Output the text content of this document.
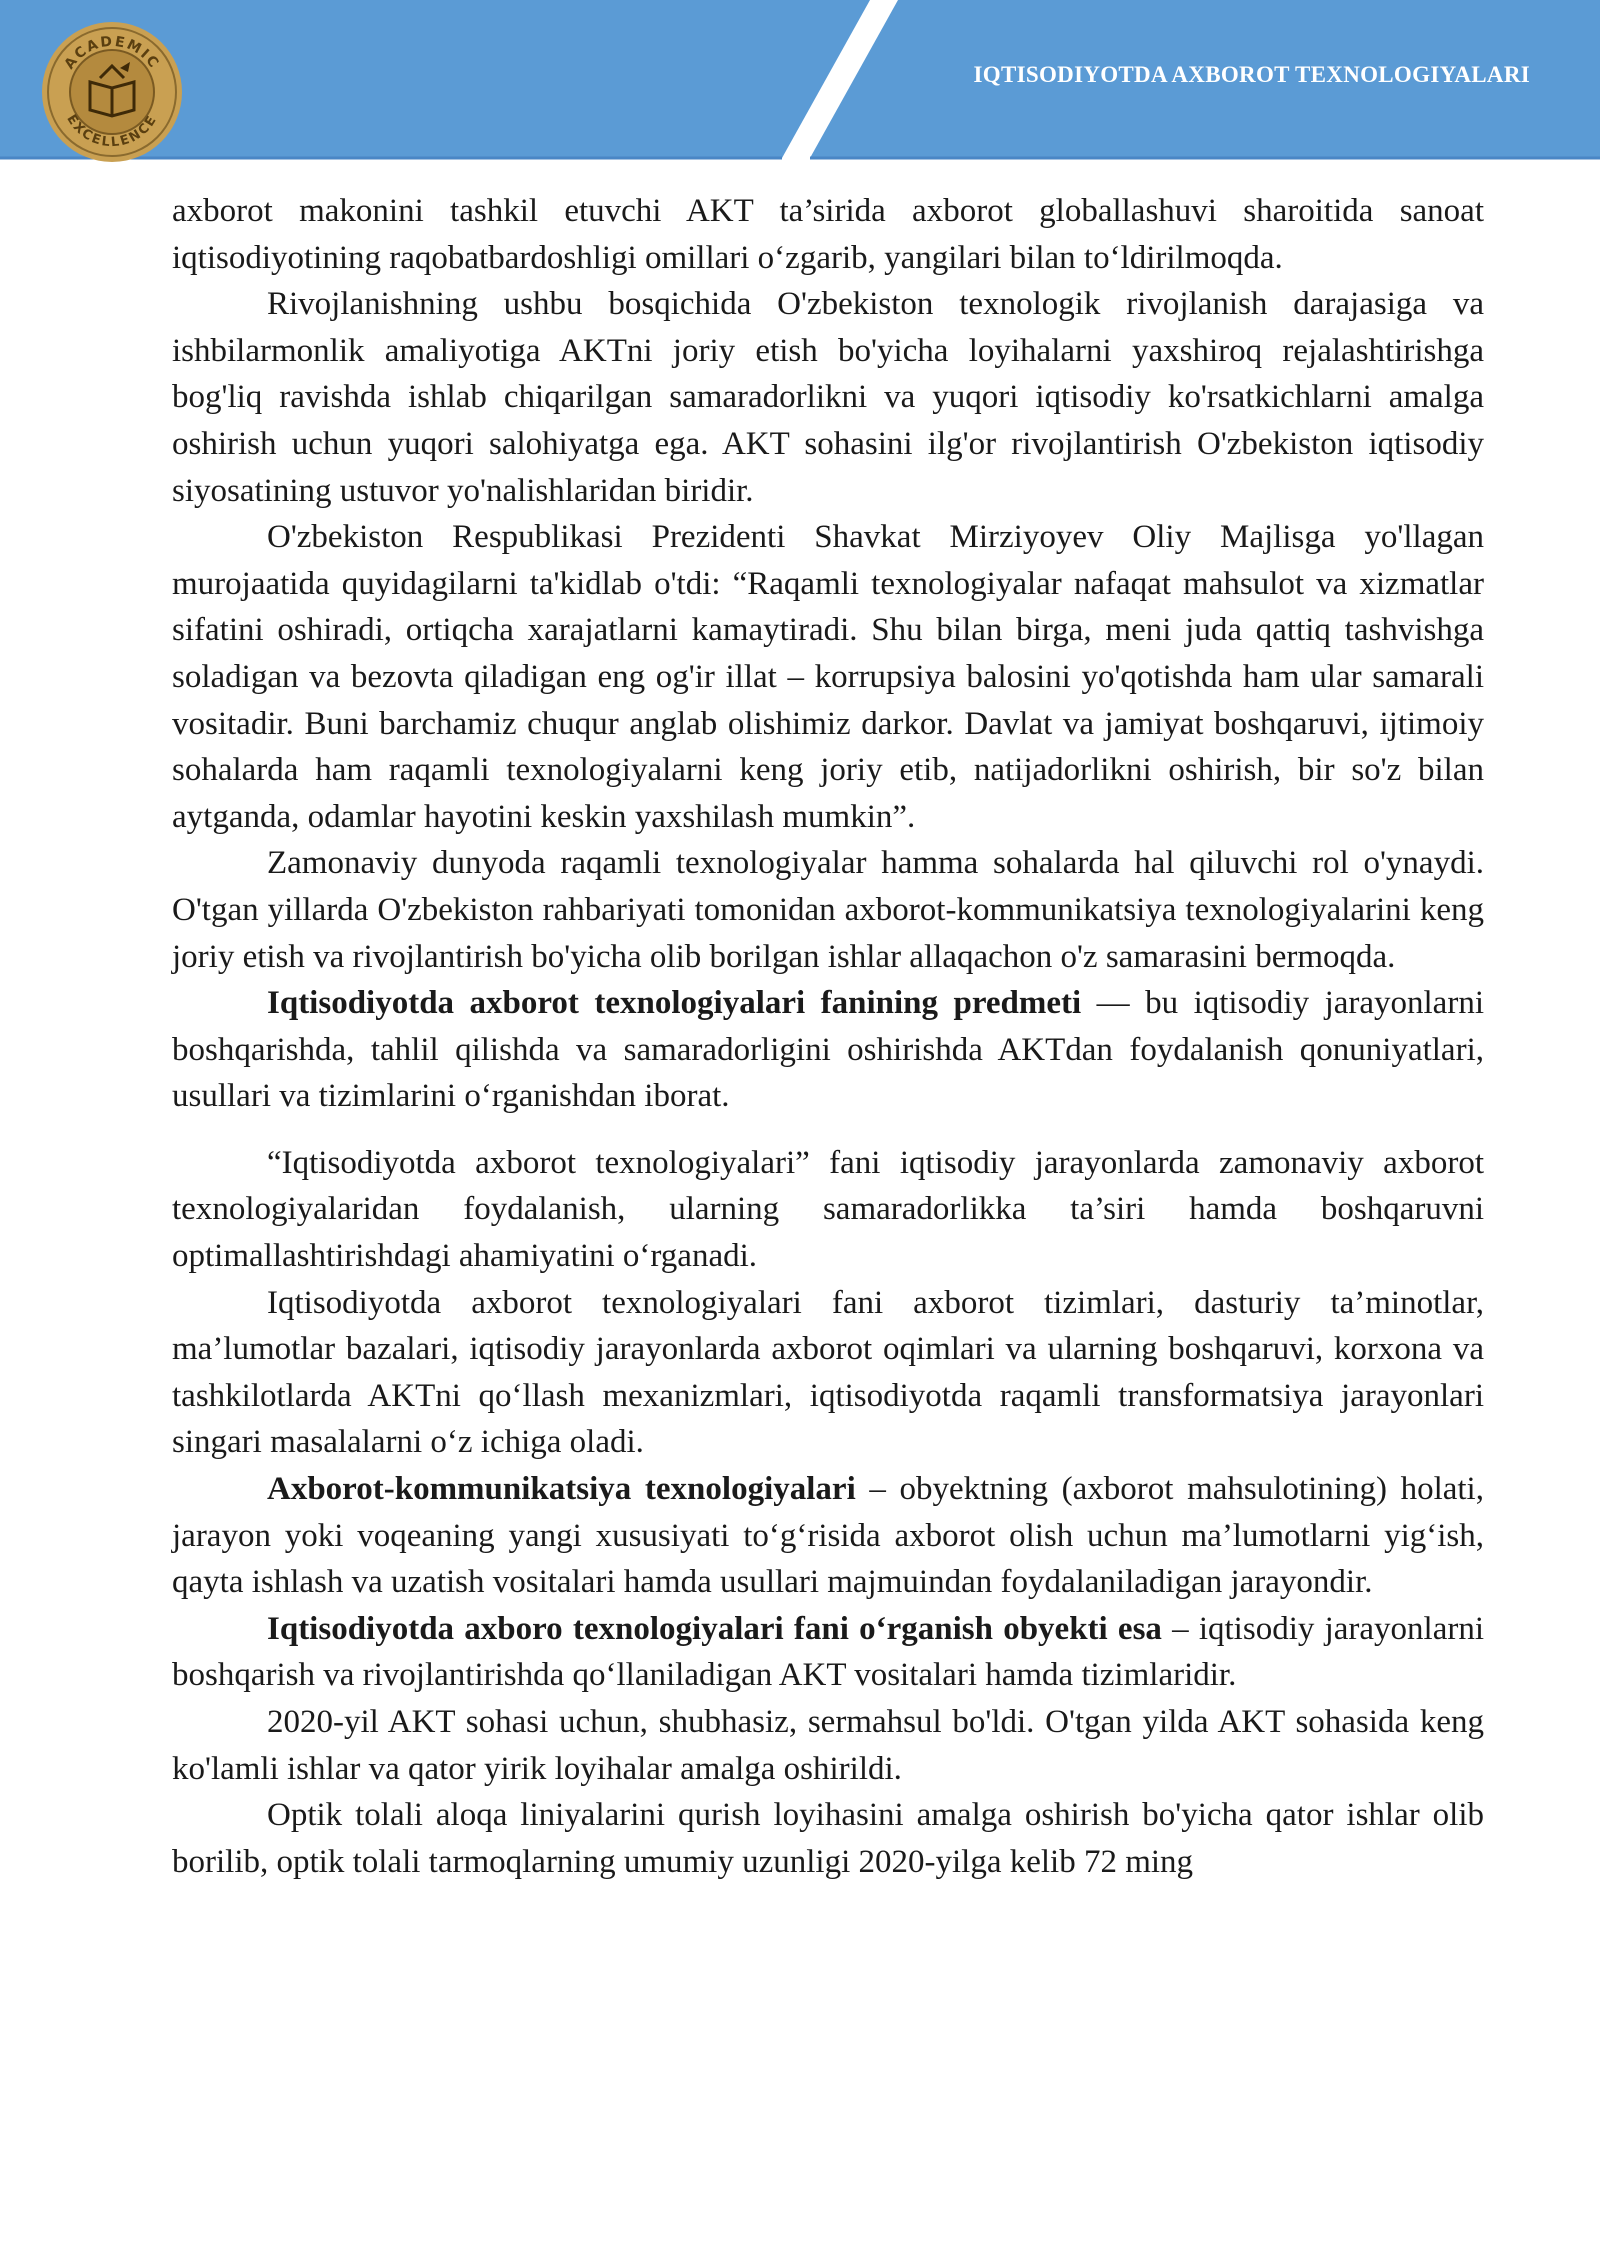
ACADEMIC
EXCELLENCE
IQTISODIYOTDA AXBOROT TEXNOLOGIYALARI

axborot makonini tashkil etuvchi AKT ta’sirida axborot globallashuvi sharoitida sanoat iqtisodiyotining raqobatbardoshligi omillari o‘zgarib, yangilari bilan to‘ldirilmoqda.

Rivojlanishning ushbu bosqichida O'zbekiston texnologik rivojlanish darajasiga va ishbilarmonlik amaliyotiga AKTni joriy etish bo'yicha loyihalarni yaxshiroq rejalashtirishga bog'liq ravishda ishlab chiqarilgan samaradorlikni va yuqori iqtisodiy ko'rsatkichlarni amalga oshirish uchun yuqori salohiyatga ega. AKT sohasini ilg'or rivojlantirish O'zbekiston iqtisodiy siyosatining ustuvor yo'nalishlaridan biridir.

O'zbekiston Respublikasi Prezidenti Shavkat Mirziyoyev Oliy Majlisga yo'llagan murojaatida quyidagilarni ta'kidlab o'tdi: “Raqamli texnologiyalar nafaqat mahsulot va xizmatlar sifatini oshiradi, ortiqcha xarajatlarni kamaytiradi. Shu bilan birga, meni juda qattiq tashvishga soladigan va bezovta qiladigan eng og'ir illat – korrupsiya balosini yo'qotishda ham ular samarali vositadir. Buni barchamiz chuqur anglab olishimiz darkor. Davlat va jamiyat boshqaruvi, ijtimoiy sohalarda ham raqamli texnologiyalarni keng joriy etib, natijadorlikni oshirish, bir so'z bilan aytganda, odamlar hayotini keskin yaxshilash mumkin”.

Zamonaviy dunyoda raqamli texnologiyalar hamma sohalarda hal qiluvchi rol o'ynaydi. O'tgan yillarda O'zbekiston rahbariyati tomonidan axborot-kommunikatsiya texnologiyalarini keng joriy etish va rivojlantirish bo'yicha olib borilgan ishlar allaqachon o'z samarasini bermoqda.

Iqtisodiyotda axborot texnologiyalari fanining predmeti — bu iqtisodiy jarayonlarni boshqarishda, tahlil qilishda va samaradorligini oshirishda AKTdan foydalanish qonuniyatlari, usullari va tizimlarini o‘rganishdan iborat.

“Iqtisodiyotda axborot texnologiyalari” fani iqtisodiy jarayonlarda zamonaviy axborot texnologiyalaridan foydalanish, ularning samaradorlikka ta’siri hamda boshqaruvni optimallashtirishdagi ahamiyatini o‘rganadi.

Iqtisodiyotda axborot texnologiyalari fani axborot tizimlari, dasturiy ta’minotlar, ma’lumotlar bazalari, iqtisodiy jarayonlarda axborot oqimlari va ularning boshqaruvi, korxona va tashkilotlarda AKTni qo‘llash mexanizmlari, iqtisodiyotda raqamli transformatsiya jarayonlari singari masalalarni o‘z ichiga oladi.

Axborot-kommunikatsiya texnologiyalari – obyektning (axborot mahsulotining) holati, jarayon yoki voqeaning yangi xususiyati to‘g‘risida axborot olish uchun ma’lumotlarni yig‘ish, qayta ishlash va uzatish vositalari hamda usullari majmuindan foydalaniladigan jarayondir.

Iqtisodiyotda axboro texnologiyalari fani o‘rganish obyekti esa – iqtisodiy jarayonlarni boshqarish va rivojlantirishda qo‘llaniladigan AKT vositalari hamda tizimlaridir.

2020-yil AKT sohasi uchun, shubhasiz, sermahsul bo'ldi. O'tgan yilda AKT sohasida keng ko'lamli ishlar va qator yirik loyihalar amalga oshirildi.

Optik tolali aloqa liniyalarini qurish loyihasini amalga oshirish bo'yicha qator ishlar olib borilib, optik tolali tarmoqlarning umumiy uzunligi 2020-yilga kelib 72 ming
